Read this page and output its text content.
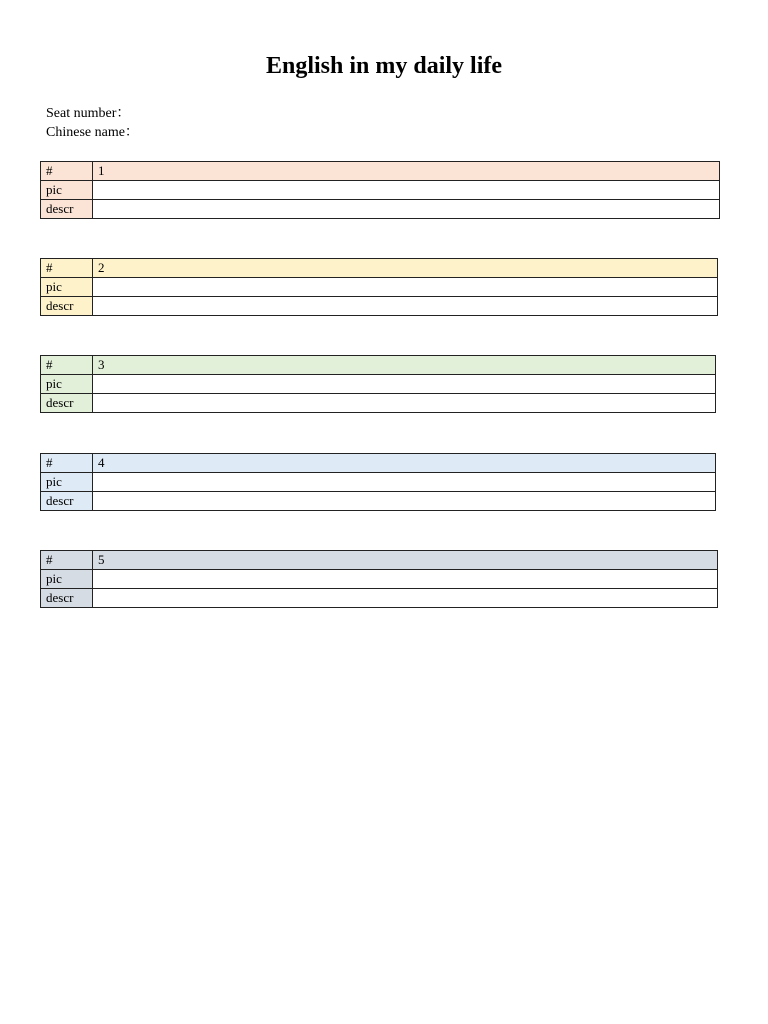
English in my daily life
Seat number：
Chinese name：
#	1
pic	
descr	
#	2
pic	
descr	
#	3
pic	
descr	
#	4
pic	
descr	
#	5
pic	
descr	
